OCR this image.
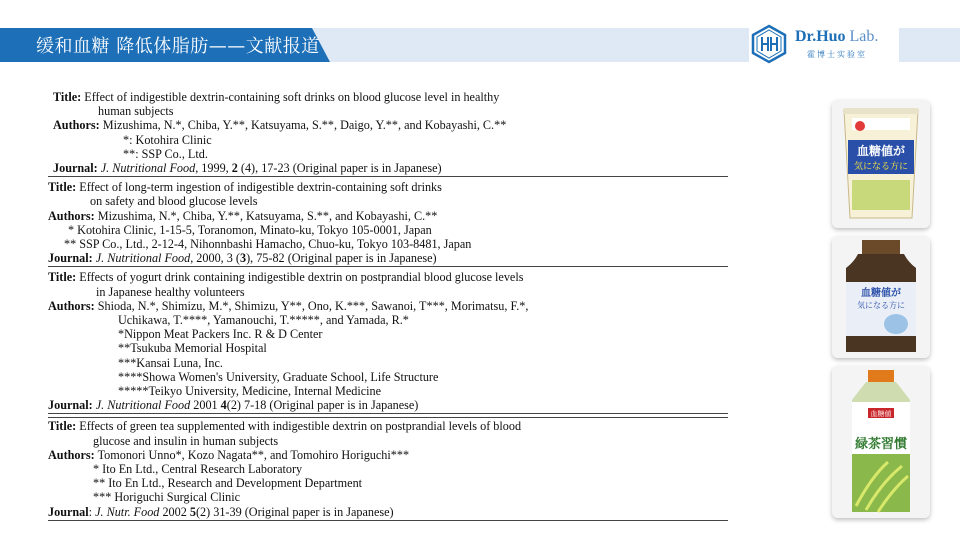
缓和血糖 降低体脂肪——文献报道	Dr.Huo Lab.
霍博士实验室
Title: Effect of indigestible dextrin-containing soft drinks on blood glucose level in healthy
human subjects
Authors: Mizushima, N.*, Chiba, Y.**, Katsuyama, S.**, Daigo, Y.**, and Kobayashi, C.**
*: Kotohira Clinic
**: SSP Co., Ltd.
Journal: J. Nutritional Food, 1999, 2 (4), 17-23 (Original paper is in Japanese)
Title: Effect of long-term ingestion of indigestible dextrin-containing soft drinks
on safety and blood glucose levels
Authors: Mizushima, N.*, Chiba, Y.**, Katsuyama, S.**, and Kobayashi, C.**
* Kotohira Clinic, 1-15-5, Toranomon, Minato-ku, Tokyo 105-0001, Japan
** SSP Co., Ltd., 2-12-4, Nihonnbashi Hamacho, Chuo-ku, Tokyo 103-8481, Japan
Journal: J. Nutritional Food, 2000, 3 (3), 75-82 (Original paper is in Japanese)
Title: Effects of yogurt drink containing indigestible dextrin on postprandial blood glucose levels
in Japanese healthy volunteers
Authors: Shioda, N.*, Shimizu, M.*, Shimizu, Y**, Ono, K.***, Sawanoi, T***, Morimatsu, F.*,
Uchikawa, T.****, Yamanouchi, T.*****, and Yamada, R.*
*Nippon Meat Packers Inc. R & D Center
**Tsukuba Memorial Hospital
***Kansai Luna, Inc.
****Showa Women's University, Graduate School, Life Structure
*****Teikyo University, Medicine, Internal Medicine
Journal: J. Nutritional Food 2001 4(2) 7-18 (Original paper is in Japanese)
Title: Effects of green tea supplemented with indigestible dextrin on postprandial levels of blood
glucose and insulin in human subjects
Authors: Tomonori Unno*, Kozo Nagata**, and Tomohiro Horiguchi***
* Ito En Ltd., Central Research Laboratory
** Ito En Ltd., Research and Development Department
*** Horiguchi Surgical Clinic
Journal: J. Nutr. Food 2002 5(2) 31-39 (Original paper is in Japanese)
血糖値が
気になる方に
血糖値が
気になる方に
血糖値
緑茶習慣
